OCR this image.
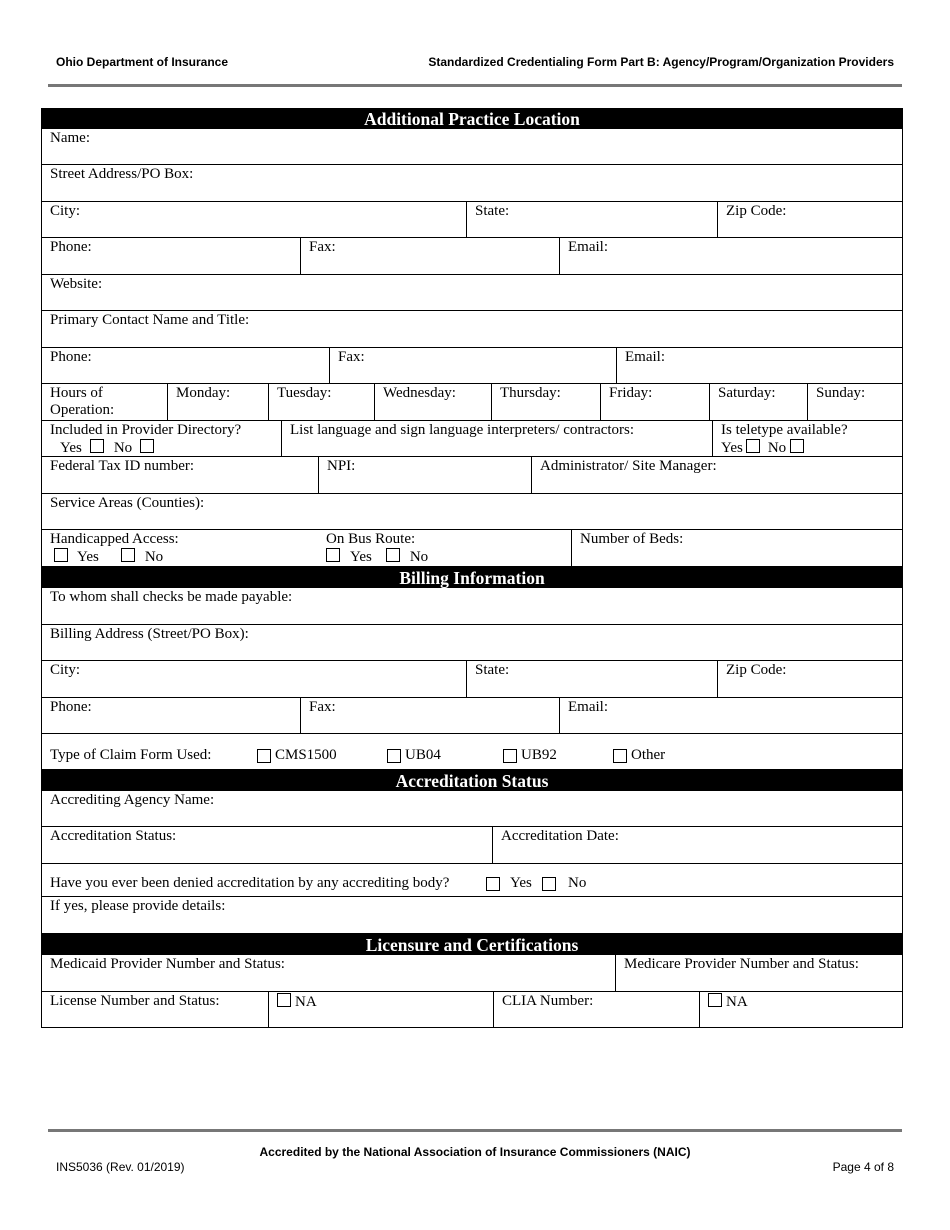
Ohio Department of Insurance	Standardized Credentialing Form Part B: Agency/Program/Organization Providers
Additional Practice Location
Name:
Street Address/PO Box:
City:	State:	Zip Code:
Phone:	Fax:	Email:
Website:
Primary Contact Name and Title:
Phone:	Fax:	Email:
Hours of Operation:
Monday:	Tuesday:	Wednesday:	Thursday:	Friday:	Saturday:	Sunday:
Included in Provider Directory?
Yes No
List language and sign language interpreters/ contractors:	Is teletype available?
Yes No
Federal Tax ID number:	NPI:	Administrator/ Site Manager:
Service Areas (Counties):
Handicapped Access:
Yes	No
On Bus Route:
Yes	No
Number of Beds:
Billing Information
To whom shall checks be made payable:
Billing Address (Street/PO Box):
City:	State:	Zip Code:
Phone:	Fax:	Email:
Type of Claim Form Used:	CMS1500	UB04	UB92	Other
Accreditation Status
Accrediting Agency Name:
Accreditation Status:	Accreditation Date:
Have you ever been denied accreditation by any accrediting body?	Yes	No
If yes, please provide details:
Licensure and Certifications
Medicaid Provider Number and Status:	Medicare Provider Number and Status:
License Number and Status:	NA	CLIA Number:	NA
Accredited by the National Association of Insurance Commissioners (NAIC)
INS5036 (Rev. 01/2019)	Page 4 of 8
